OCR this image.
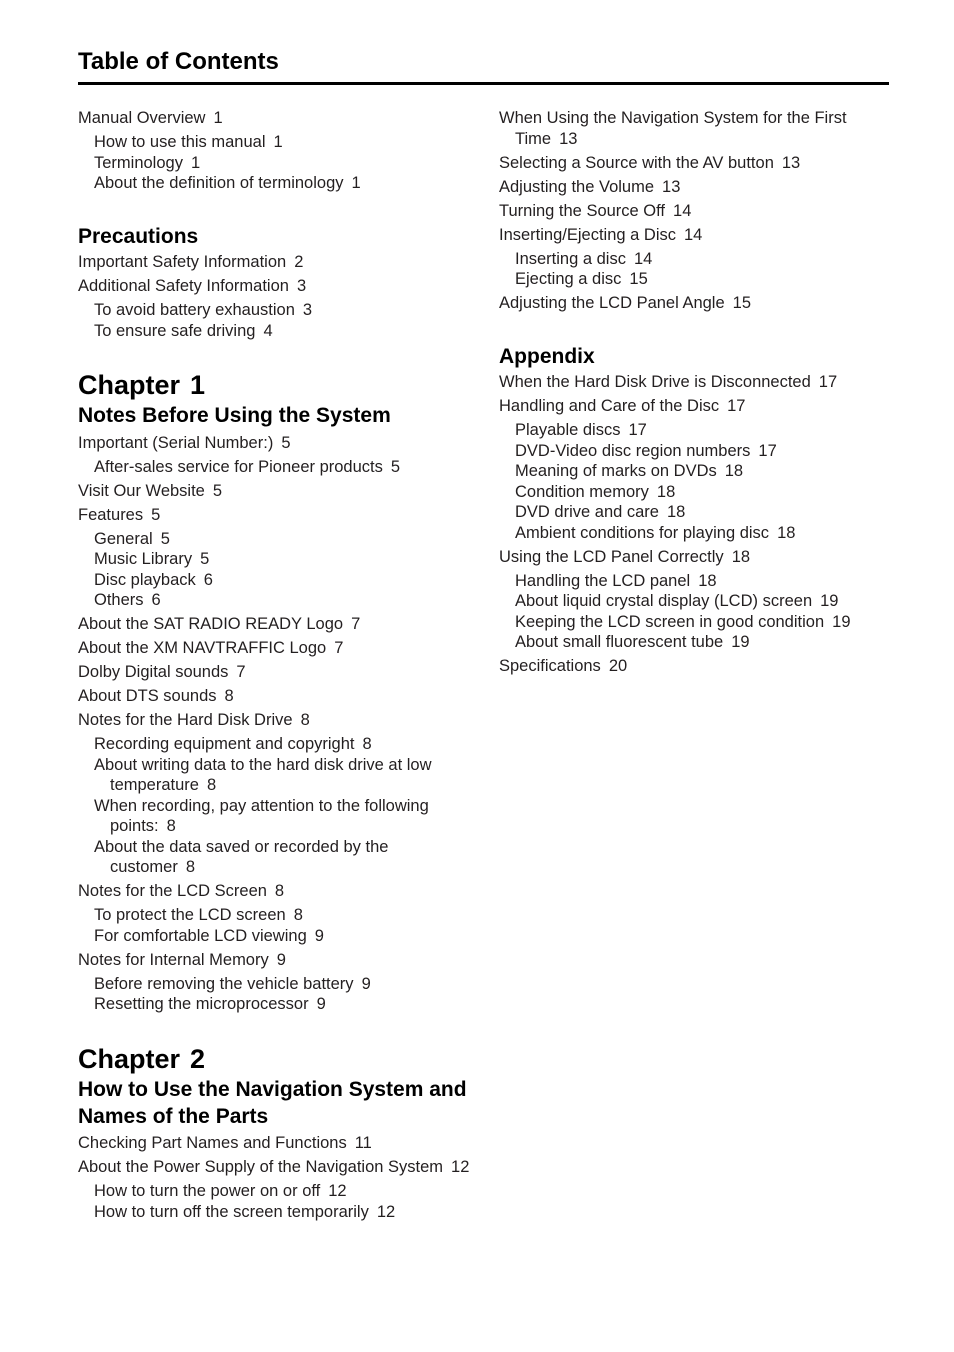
Table of Contents
Manual Overview 1
How to use this manual 1
Terminology 1
About the definition of terminology 1
Precautions
Important Safety Information 2
Additional Safety Information 3
To avoid battery exhaustion 3
To ensure safe driving 4
Chapter 1
Notes Before Using the System
Important (Serial Number:) 5
After-sales service for Pioneer products 5
Visit Our Website 5
Features 5
General 5
Music Library 5
Disc playback 6
Others 6
About the SAT RADIO READY Logo 7
About the XM NAVTRAFFIC Logo 7
Dolby Digital sounds 7
About DTS sounds 8
Notes for the Hard Disk Drive 8
Recording equipment and copyright 8
About writing data to the hard disk drive at low temperature 8
When recording, pay attention to the following points: 8
About the data saved or recorded by the customer 8
Notes for the LCD Screen 8
To protect the LCD screen 8
For comfortable LCD viewing 9
Notes for Internal Memory 9
Before removing the vehicle battery 9
Resetting the microprocessor 9
Chapter 2
How to Use the Navigation System and Names of the Parts
Checking Part Names and Functions 11
About the Power Supply of the Navigation System 12
How to turn the power on or off 12
How to turn off the screen temporarily 12
When Using the Navigation System for the First Time 13
Selecting a Source with the AV button 13
Adjusting the Volume 13
Turning the Source Off 14
Inserting/Ejecting a Disc 14
Inserting a disc 14
Ejecting a disc 15
Adjusting the LCD Panel Angle 15
Appendix
When the Hard Disk Drive is Disconnected 17
Handling and Care of the Disc 17
Playable discs 17
DVD-Video disc region numbers 17
Meaning of marks on DVDs 18
Condition memory 18
DVD drive and care 18
Ambient conditions for playing disc 18
Using the LCD Panel Correctly 18
Handling the LCD panel 18
About liquid crystal display (LCD) screen 19
Keeping the LCD screen in good condition 19
About small fluorescent tube 19
Specifications 20
